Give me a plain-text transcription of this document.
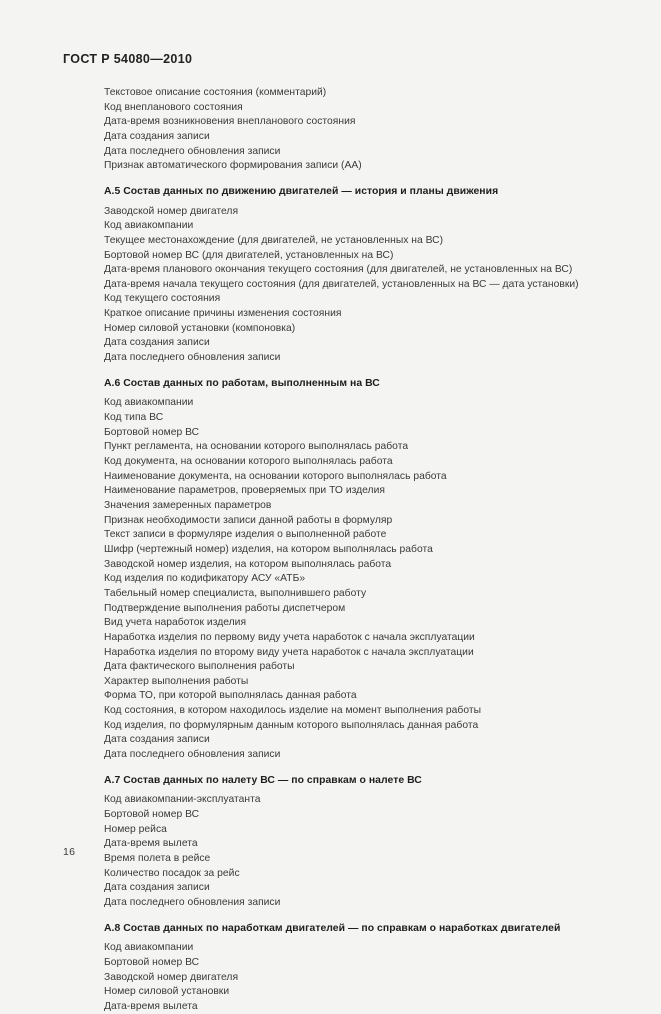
ГОСТ Р 54080—2010
Текстовое описание состояния (комментарий)
Код внепланового состояния
Дата-время возникновения внепланового состояния
Дата создания записи
Дата последнего обновления записи
Признак автоматического формирования записи (АА)
А.5 Состав данных по движению двигателей — история и планы движения
Заводской номер двигателя
Код авиакомпании
Текущее местонахождение (для двигателей, не установленных на ВС)
Бортовой номер ВС (для двигателей, установленных на ВС)
Дата-время планового окончания текущего состояния (для двигателей, не установленных на ВС)
Дата-время начала текущего состояния (для двигателей, установленных на ВС — дата установки)
Код текущего состояния
Краткое описание причины изменения состояния
Номер силовой установки (компоновка)
Дата создания записи
Дата последнего обновления записи
А.6 Состав данных по работам, выполненным на ВС
Код авиакомпании
Код типа ВС
Бортовой номер ВС
Пункт регламента, на основании которого выполнялась работа
Код документа, на основании которого выполнялась работа
Наименование документа, на основании которого выполнялась работа
Наименование параметров, проверяемых при ТО изделия
Значения замеренных параметров
Признак необходимости записи данной работы в формуляр
Текст записи в формуляре изделия о выполненной работе
Шифр (чертежный номер) изделия, на котором выполнялась работа
Заводской номер изделия, на котором выполнялась работа
Код изделия по кодификатору АСУ «АТБ»
Табельный номер специалиста, выполнившего работу
Подтверждение выполнения работы диспетчером
Вид учета наработок изделия
Наработка изделия по первому виду учета наработок с начала эксплуатации
Наработка изделия по второму виду учета наработок с начала эксплуатации
Дата фактического выполнения работы
Характер выполнения работы
Форма ТО, при которой выполнялась данная работа
Код состояния, в котором находилось изделие на момент выполнения работы
Код изделия, по формулярным данным которого выполнялась данная работа
Дата создания записи
Дата последнего обновления записи
А.7 Состав данных по налету ВС — по справкам о налете ВС
Код авиакомпании-эксплуатанта
Бортовой номер ВС
Номер рейса
Дата-время вылета
Время полета в рейсе
Количество посадок за рейс
Дата создания записи
Дата последнего обновления записи
А.8 Состав данных по наработкам двигателей — по справкам о наработках двигателей
Код авиакомпании
Бортовой номер ВС
Заводской номер двигателя
Номер силовой установки
Дата-время вылета
16
